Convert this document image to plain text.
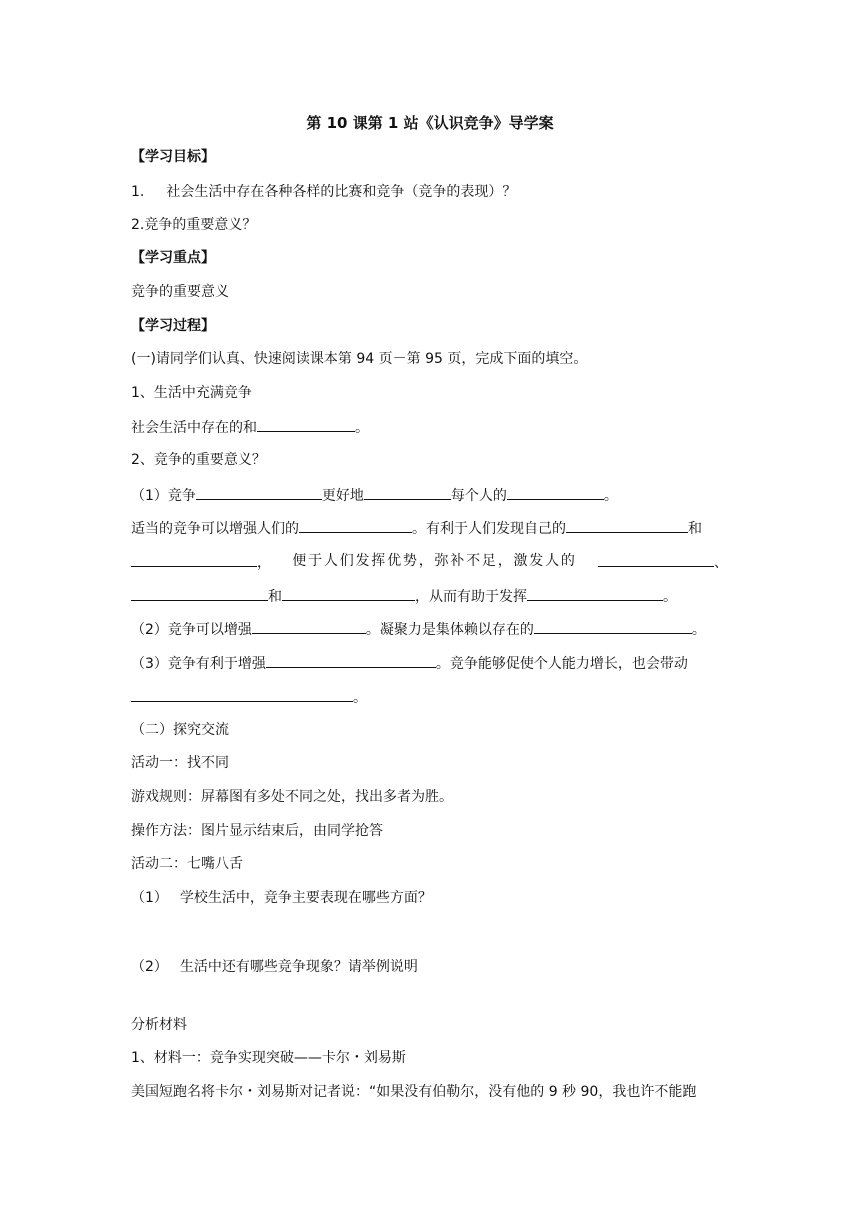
第 10 课第 1 站《认识竞争》导学案
【学习目标】
1. 社会生活中存在各种各样的比赛和竞争（竞争的表现）？
2.竞争的重要意义？
【学习重点】
竞争的重要意义
【学习过程】
(一)请同学们认真、快速阅读课本第 94 页－第 95 页，完成下面的填空。
1、生活中充满竞争
社会生活中存在的和	。
2、竞争的重要意义？
（1）竞争	更好地	每个人的	。
适当的竞争可以增强人们的	。有利于人们发现自己的	和
， 便于人们发挥优势，弥补不足，激发人的	、
和	，从而有助于发挥	。
（2）竞争可以增强	。凝聚力是集体赖以存在的	。
（3）竞争有利于增强	。竞争能够促使个人能力增长，也会带动
。
（二）探究交流
活动一：找不同
游戏规则：屏幕图有多处不同之处，找出多者为胜。
操作方法：图片显示结束后，由同学抢答
活动二：七嘴八舌
（1） 学校生活中，竞争主要表现在哪些方面？
（2） 生活中还有哪些竞争现象？请举例说明
分析材料
1、材料一：竞争实现突破——卡尔・刘易斯
美国短跑名将卡尔・刘易斯对记者说：“如果没有伯勒尔，没有他的 9 秒 90，我也许不能跑
